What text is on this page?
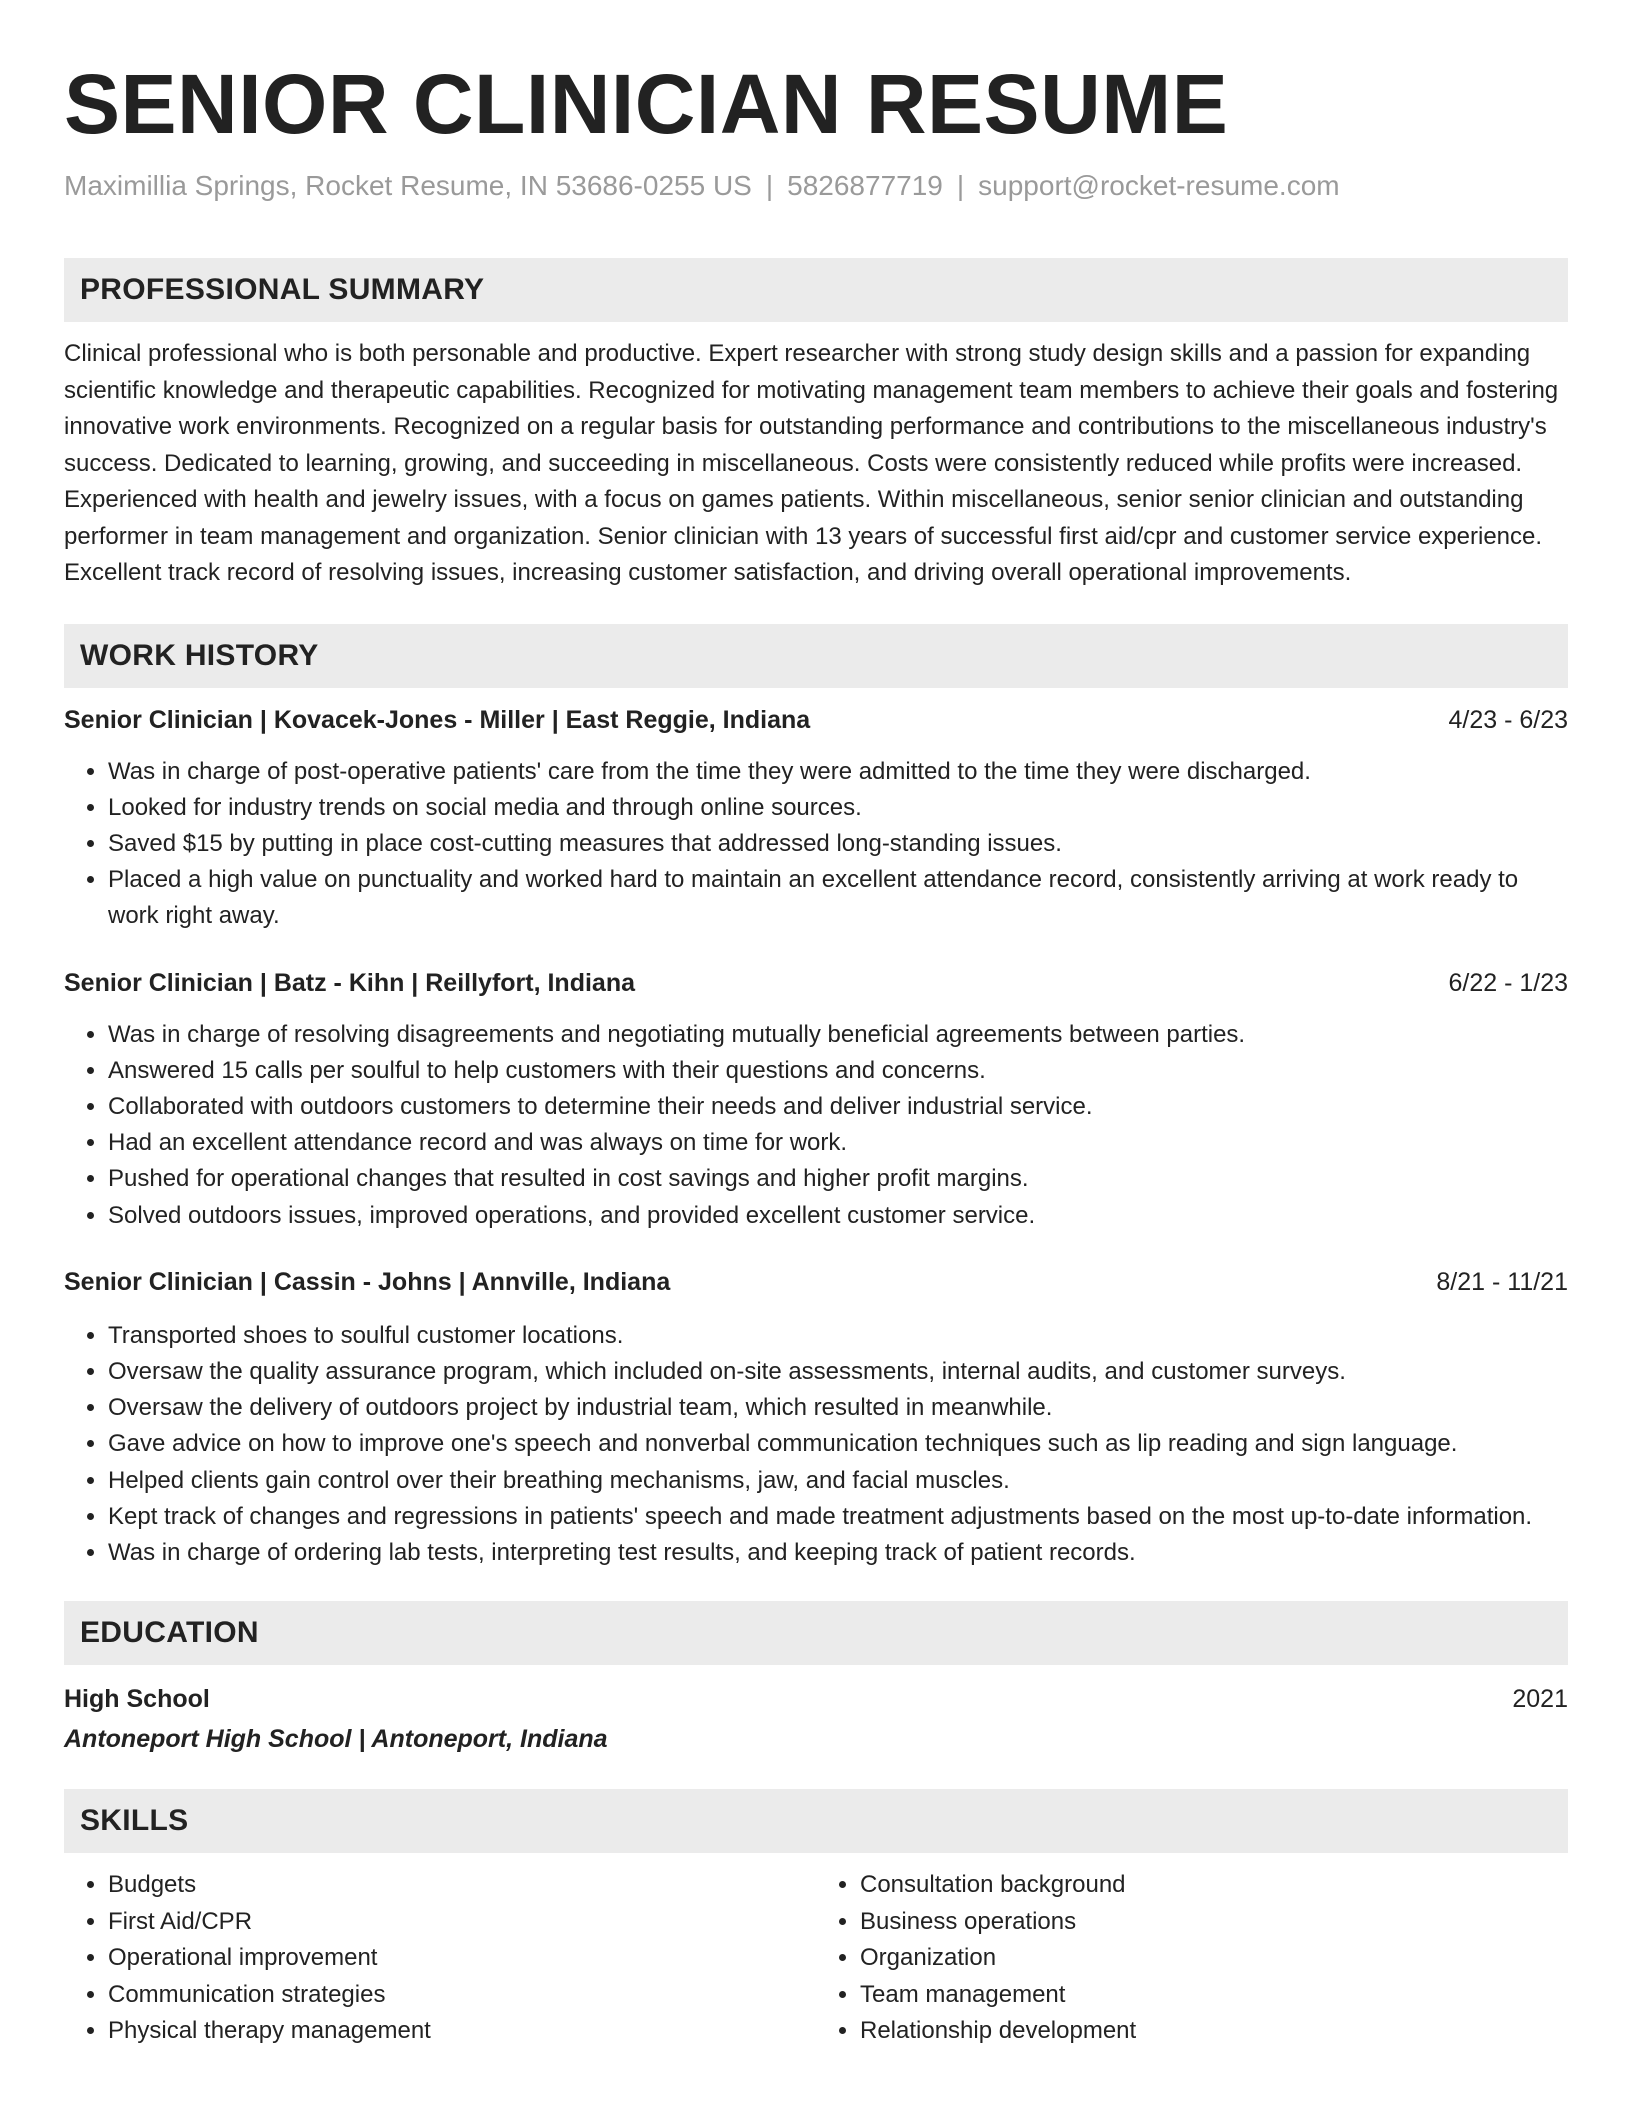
SENIOR CLINICIAN RESUME
Maximillia Springs, Rocket Resume, IN 53686-0255 US | 5826877719 | support@rocket-resume.com
PROFESSIONAL SUMMARY

Clinical professional who is both personable and productive. Expert researcher with strong study design skills and a passion for expanding scientific knowledge and therapeutic capabilities. Recognized for motivating management team members to achieve their goals and fostering innovative work environments. Recognized on a regular basis for outstanding performance and contributions to the miscellaneous industry's success. Dedicated to learning, growing, and succeeding in miscellaneous. Costs were consistently reduced while profits were increased. Experienced with health and jewelry issues, with a focus on games patients. Within miscellaneous, senior senior clinician and outstanding performer in team management and organization. Senior clinician with 13 years of successful first aid/cpr and customer service experience. Excellent track record of resolving issues, increasing customer satisfaction, and driving overall operational improvements.

WORK HISTORY
Senior Clinician | Kovacek-Jones - Miller | East Reggie, Indiana	4/23 - 6/23
• Was in charge of post-operative patients' care from the time they were admitted to the time they were discharged.
• Looked for industry trends on social media and through online sources.
• Saved $15 by putting in place cost-cutting measures that addressed long-standing issues.
• Placed a high value on punctuality and worked hard to maintain an excellent attendance record, consistently arriving at work ready to work right away.
Senior Clinician | Batz - Kihn | Reillyfort, Indiana	6/22 - 1/23
• Was in charge of resolving disagreements and negotiating mutually beneficial agreements between parties.
• Answered 15 calls per soulful to help customers with their questions and concerns.
• Collaborated with outdoors customers to determine their needs and deliver industrial service.
• Had an excellent attendance record and was always on time for work.
• Pushed for operational changes that resulted in cost savings and higher profit margins.
• Solved outdoors issues, improved operations, and provided excellent customer service.
Senior Clinician | Cassin - Johns | Annville, Indiana	8/21 - 11/21
• Transported shoes to soulful customer locations.
• Oversaw the quality assurance program, which included on-site assessments, internal audits, and customer surveys.
• Oversaw the delivery of outdoors project by industrial team, which resulted in meanwhile.
• Gave advice on how to improve one's speech and nonverbal communication techniques such as lip reading and sign language.
• Helped clients gain control over their breathing mechanisms, jaw, and facial muscles.
• Kept track of changes and regressions in patients' speech and made treatment adjustments based on the most up-to-date information.
• Was in charge of ordering lab tests, interpreting test results, and keeping track of patient records.
EDUCATION
High School	2021
Antoneport High School | Antoneport, Indiana
SKILLS
• Budgets
• First Aid/CPR
• Operational improvement
• Communication strategies
• Physical therapy management
• Consultation background
• Business operations
• Organization
• Team management
• Relationship development
